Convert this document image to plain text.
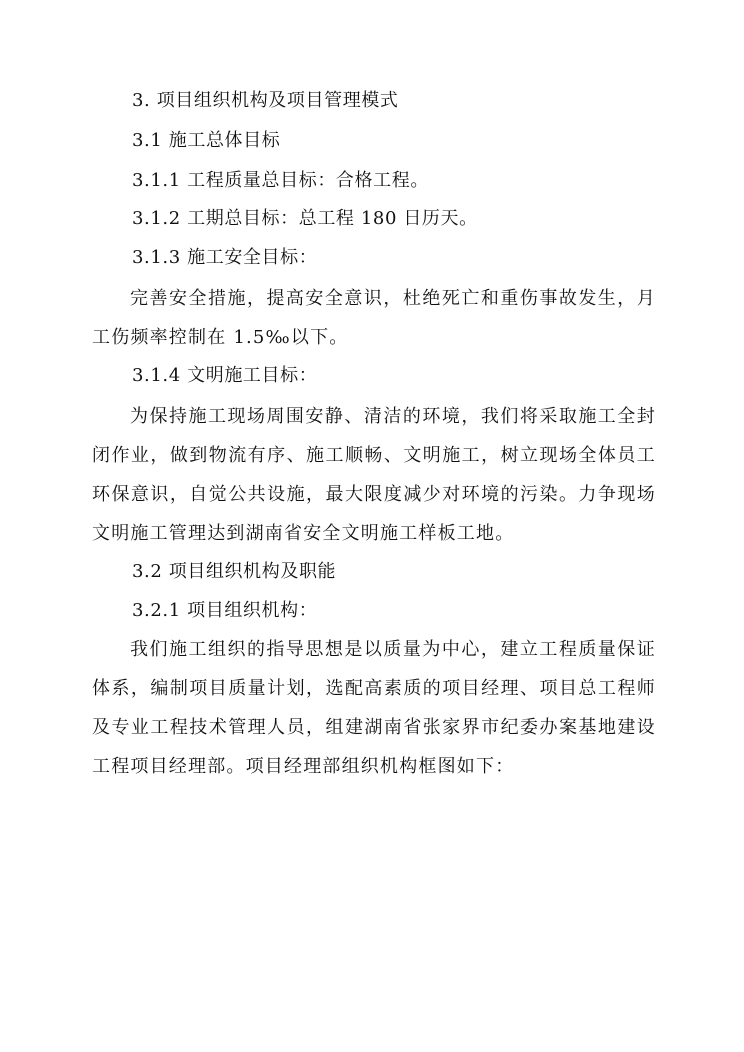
3. 项目组织机构及项目管理模式
3.1 施工总体目标
3.1.1 工程质量总目标：合格工程。
3.1.2 工期总目标：总工程 180 日历天。
3.1.3 施工安全目标：
完善安全措施，提高安全意识，杜绝死亡和重伤事故发生，月工伤频率控制在 1.5‰以下。
3.1.4 文明施工目标：
为保持施工现场周围安静、清洁的环境，我们将采取施工全封闭作业，做到物流有序、施工顺畅、文明施工，树立现场全体员工环保意识，自觉公共设施，最大限度减少对环境的污染。力争现场文明施工管理达到湖南省安全文明施工样板工地。
3.2 项目组织机构及职能
3.2.1 项目组织机构：
我们施工组织的指导思想是以质量为中心，建立工程质量保证体系，编制项目质量计划，选配高素质的项目经理、项目总工程师及专业工程技术管理人员，组建湖南省张家界市纪委办案基地建设工程项目经理部。项目经理部组织机构框图如下：
